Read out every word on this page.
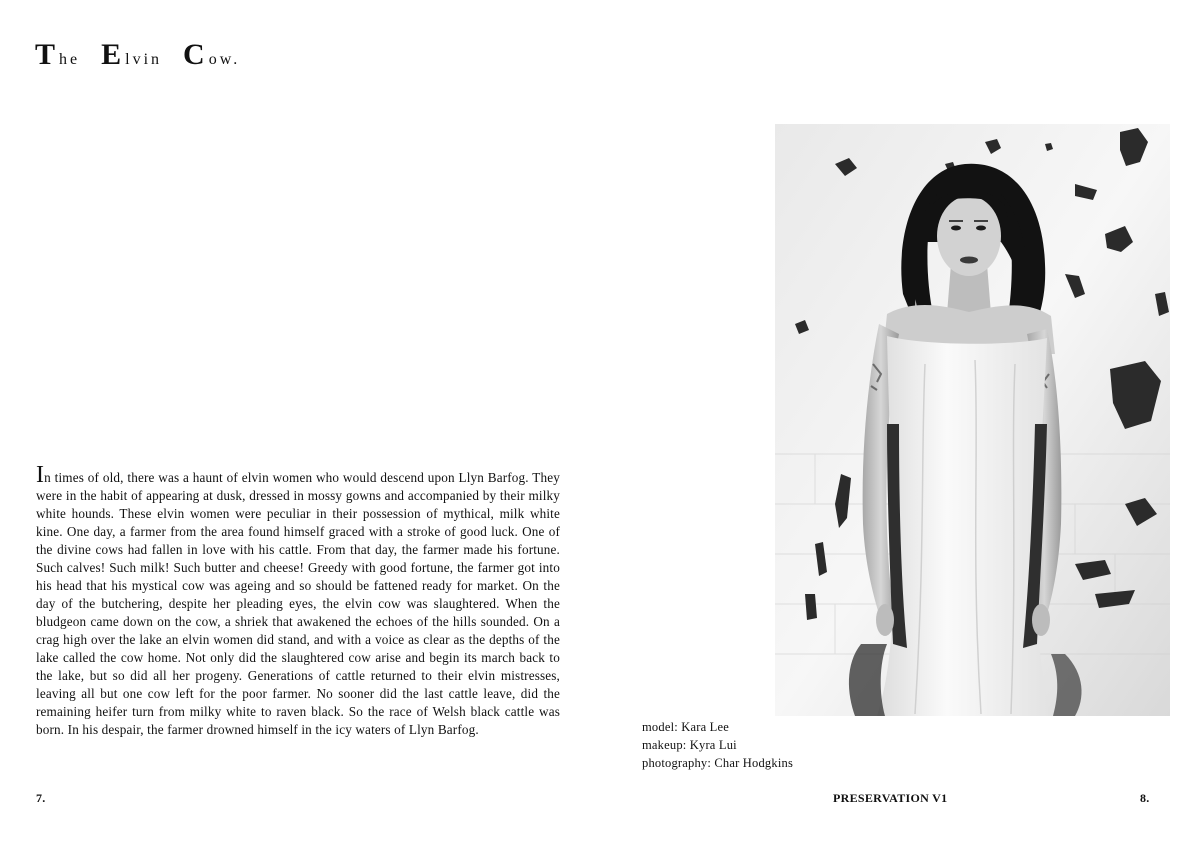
The E lvin C ow.
In times of old, there was a haunt of elvin women who would descend upon Llyn Barfog. They were in the habit of appearing at dusk, dressed in mossy gowns and accompanied by their milky white hounds. These elvin women were peculiar in their possession of mythical, milk white kine. One day, a farmer from the area found himself graced with a stroke of good luck. One of the divine cows had fallen in love with his cattle. From that day, the farmer made his fortune. Such calves! Such milk! Such butter and cheese! Greedy with good fortune, the farmer got into his head that his mystical cow was ageing and so should be fattened ready for market. On the day of the butchering, despite her pleading eyes, the elvin cow was slaughtered. When the bludgeon came down on the cow, a shriek that awakened the echoes of the hills sounded. On a crag high over the lake an elvin women did stand, and with a voice as clear as the depths of the lake called the cow home. Not only did the slaughtered cow arise and begin its march back to the lake, but so did all her progeny. Generations of cattle returned to their elvin mistresses, leaving all but one cow left for the poor farmer. No sooner did the last cattle leave, did the remaining heifer turn from milky white to raven black. So the race of Welsh black cattle was born. In his despair, the farmer drowned himself in the icy waters of Llyn Barfog.	model: Kara Lee
makeup: Kyra Lui
photography: Char Hodgkins
7.	PRESERVATION V1	8.
